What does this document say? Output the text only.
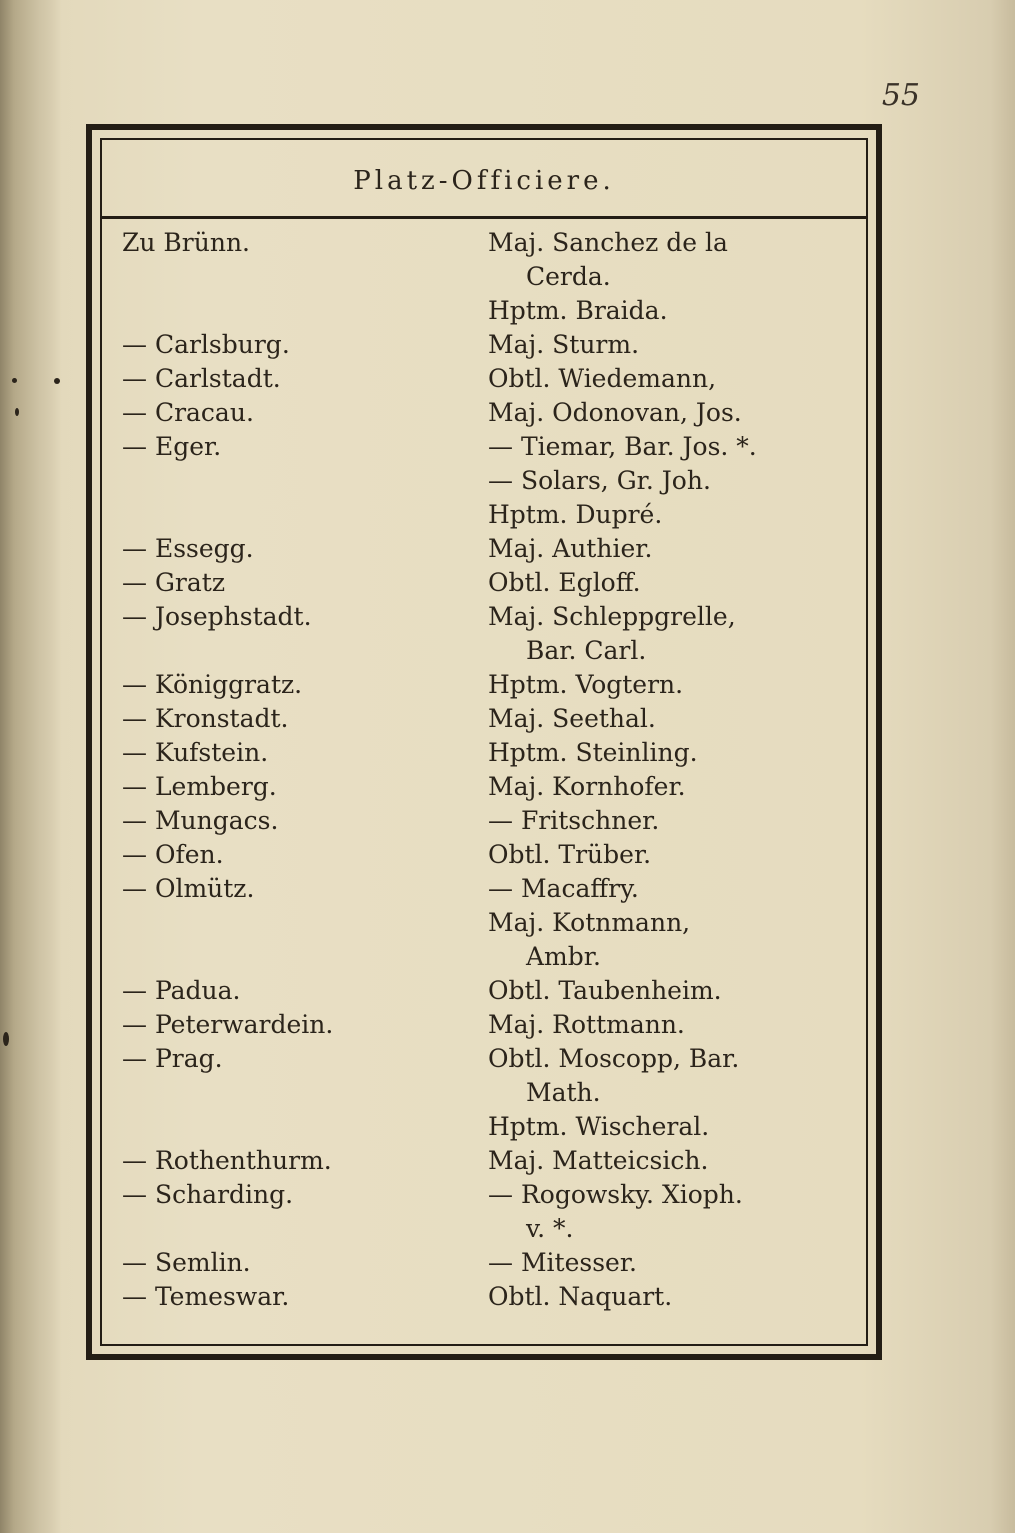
55
Platz-Officiere.
Zu Brünn.	Maj. Sanchez de la
Cerda.
Hptm. Braida.
— Carlsburg.	Maj. Sturm.
— Carlstadt.	Obtl. Wiedemann,
— Cracau.	Maj. Odonovan, Jos.
— Eger.	— Tiemar, Bar. Jos. *.
— Solars, Gr. Joh.
Hptm. Dupré.
— Essegg.	Maj. Authier.
— Gratz	Obtl. Egloff.
— Josephstadt.	Maj. Schleppgrelle,
Bar. Carl.
— Königgratz.	Hptm. Vogtern.
— Kronstadt.	Maj. Seethal.
— Kufstein.	Hptm. Steinling.
— Lemberg.	Maj. Kornhofer.
— Mungacs.	— Fritschner.
— Ofen.	Obtl. Trüber.
— Olmütz.	— Macaffry.
Maj. Kotnmann,
Ambr.
— Padua.	Obtl. Taubenheim.
— Peterwardein.	Maj. Rottmann.
— Prag.	Obtl. Moscopp, Bar.
Math.
Hptm. Wischeral.
— Rothenthurm.	Maj. Matteicsich.
— Scharding.	— Rogowsky. Xioph.
v. *.
— Semlin.	— Mitesser.
— Temeswar.	Obtl. Naquart.
